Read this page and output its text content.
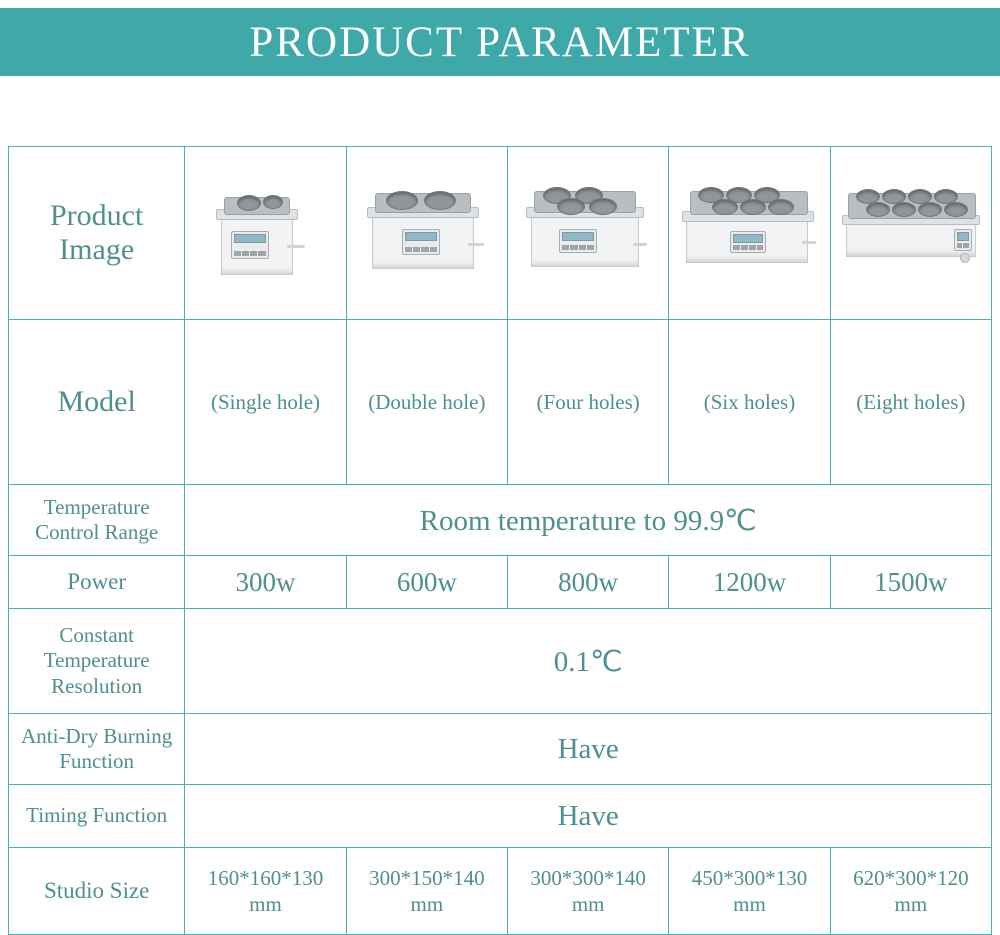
PRODUCT PARAMETER
Product
Image					

Model	(Single hole)	(Double hole)	(Four holes)	(Six holes)	(Eight holes)

Temperature
Control Range	Room temperature to 99.9℃				
Power	300w	600w	800w	1200w	1500w

Constant
Temperature
Resolution	0.1℃				

Anti-Dry Burning
Function	Have				
Timing Function	Have				
Studio Size	160*160*130 mm	300*150*140 mm	300*300*140 mm	450*300*130 mm	620*300*120 mm
